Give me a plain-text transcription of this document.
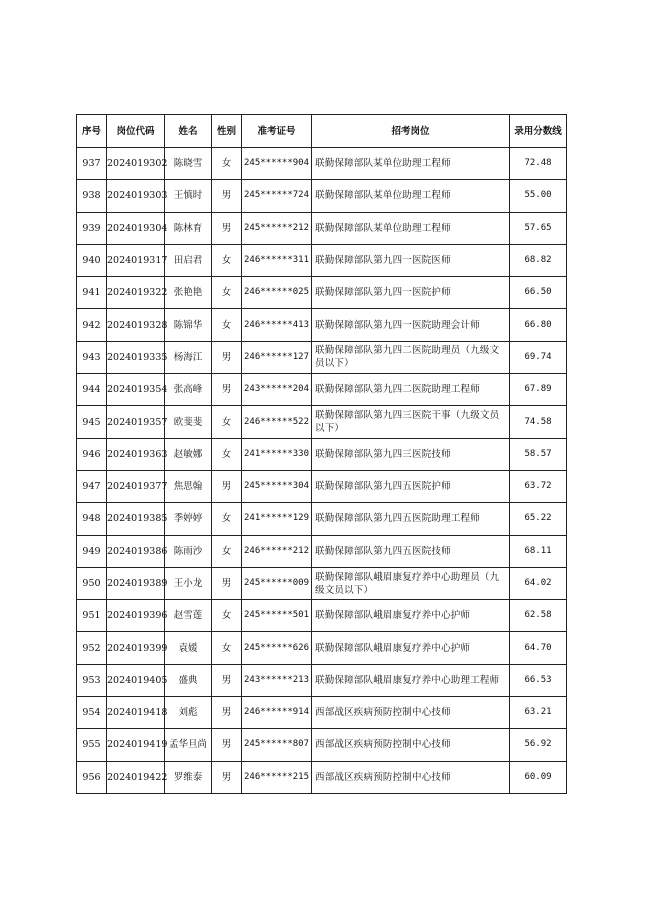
序号	岗位代码	姓名	性别	准考证号	招考岗位	录用分数线
937	2024019302	陈晓雪	女	245******904	联勤保障部队某单位助理工程师	72.48
938	2024019303	王慎时	男	245******724	联勤保障部队某单位助理工程师	55.00
939	2024019304	陈林育	男	245******212	联勤保障部队某单位助理工程师	57.65
940	2024019317	田启君	女	246******311	联勤保障部队第九四一医院医师	68.82
941	2024019322	张艳艳	女	246******025	联勤保障部队第九四一医院护师	66.50
942	2024019328	陈锦华	女	246******413	联勤保障部队第九四一医院助理会计师	66.80
943	2024019335	杨海江	男	246******127	联勤保障部队第九四二医院助理员（九级文员以下）	69.74
944	2024019354	张高峰	男	243******204	联勤保障部队第九四二医院助理工程师	67.89
945	2024019357	欧斐斐	女	246******522	联勤保障部队第九四三医院干事（九级文员以下）	74.58
946	2024019363	赵敏娜	女	241******330	联勤保障部队第九四三医院技师	58.57
947	2024019377	焦思翰	男	245******304	联勤保障部队第九四五医院护师	63.72
948	2024019385	季婷婷	女	241******129	联勤保障部队第九四五医院助理工程师	65.22
949	2024019386	陈雨沙	女	246******212	联勤保障部队第九四五医院技师	68.11
950	2024019389	王小龙	男	245******009	联勤保障部队峨眉康复疗养中心助理员（九级文员以下）	64.02
951	2024019396	赵雪莲	女	245******501	联勤保障部队峨眉康复疗养中心护师	62.58
952	2024019399	袁媛	女	245******626	联勤保障部队峨眉康复疗养中心护师	64.70
953	2024019405	盛典	男	243******213	联勤保障部队峨眉康复疗养中心助理工程师	66.53
954	2024019418	刘彪	男	246******914	西部战区疾病预防控制中心技师	63.21
955	2024019419	孟华旦尚	男	245******807	西部战区疾病预防控制中心技师	56.92
956	2024019422	罗维泰	男	246******215	西部战区疾病预防控制中心技师	60.09
